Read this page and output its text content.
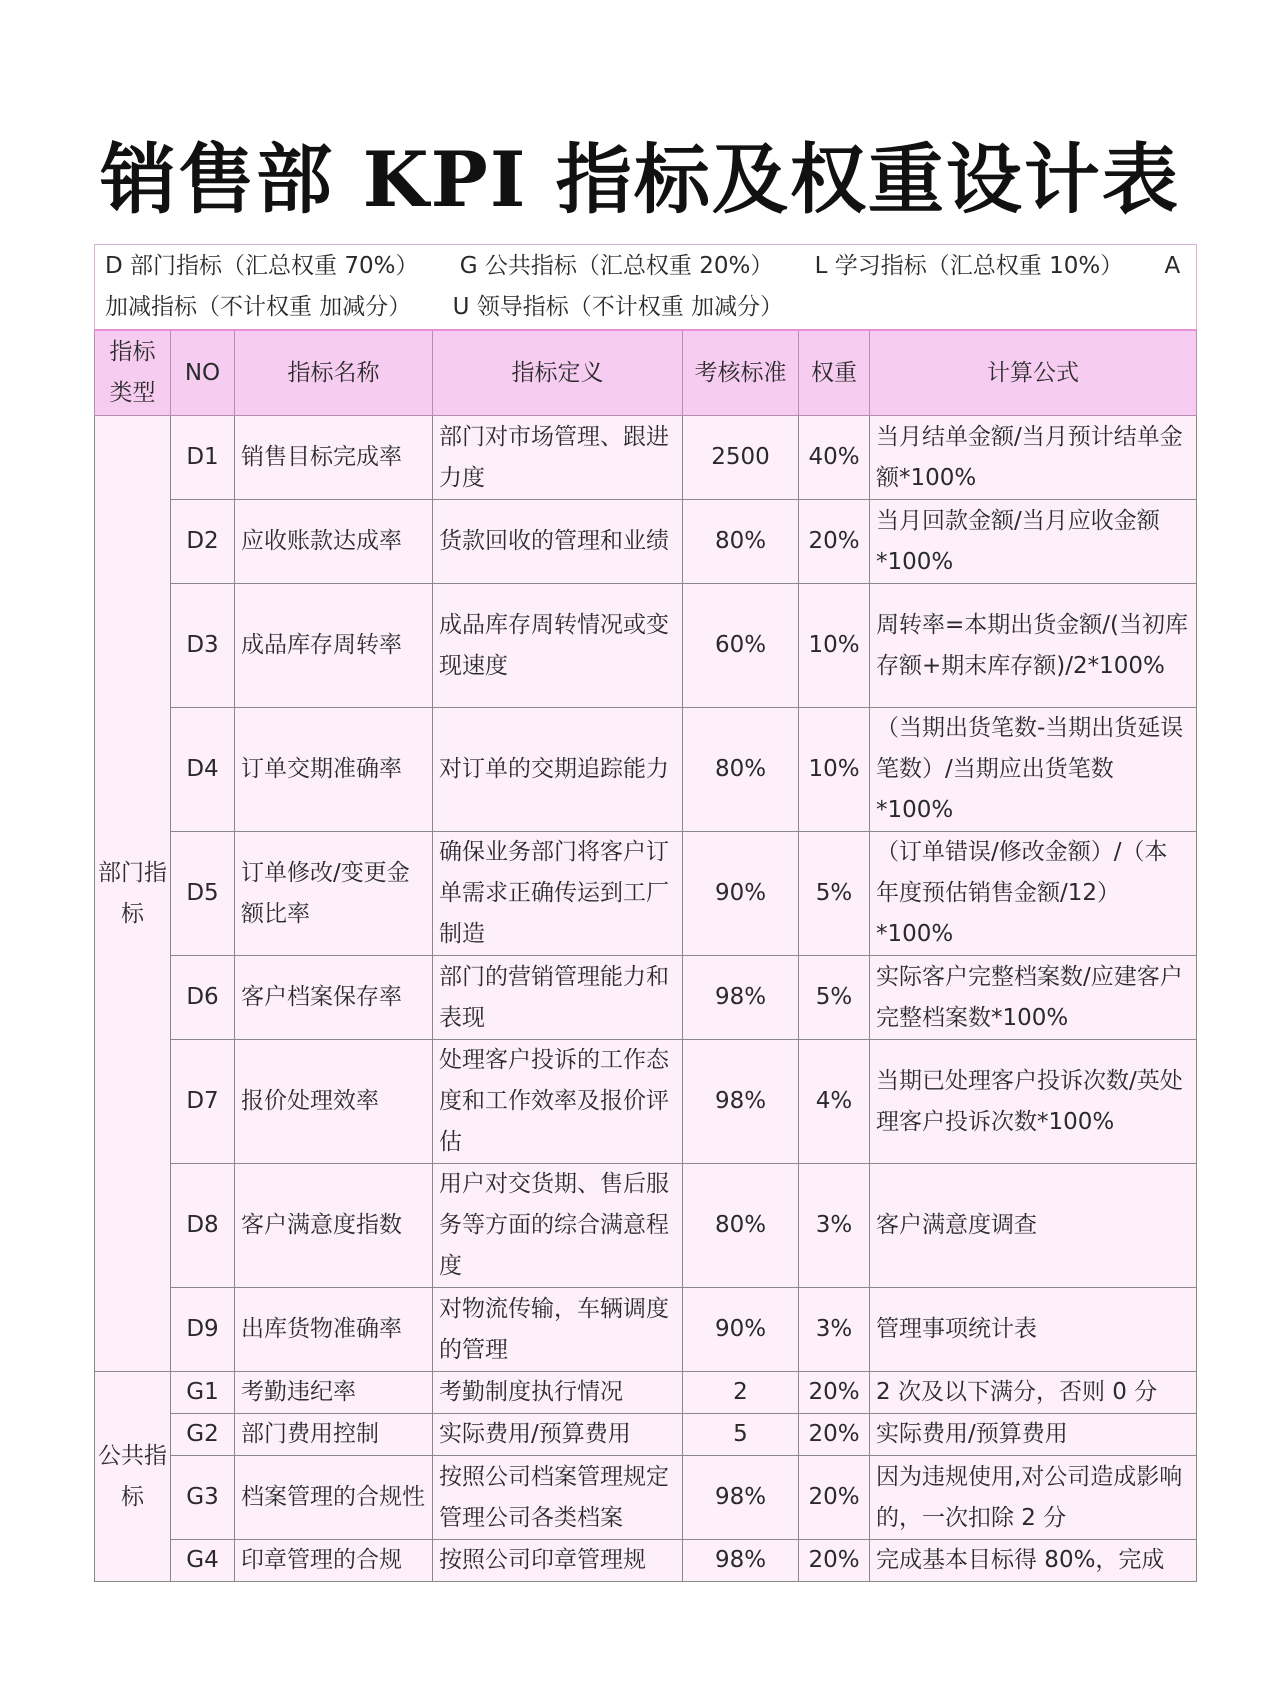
销售部 KPI 指标及权重设计表
D 部门指标（汇总权重 70%） G 公共指标（汇总权重 20%） L 学习指标（汇总权重 10%） A 加减指标（不计权重 加减分） U 领导指标（不计权重 加减分）						
指标类型	NO	指标名称	指标定义	考核标准	权重	计算公式
部门指标	D1	销售目标完成率	部门对市场管理、跟进力度	2500	40%	当月结单金额/当月预计结单金额*100%
	D2	应收账款达成率	货款回收的管理和业绩	80%	20%	当月回款金额/当月应收金额*100%
	D3	成品库存周转率	成品库存周转情况或变现速度	60%	10%	周转率=本期出货金额/(当初库存额+期末库存额)/2*100%
	D4	订单交期准确率	对订单的交期追踪能力	80%	10%	（当期出货笔数-当期出货延误笔数）/当期应出货笔数*100%
	D5	订单修改/变更金额比率	确保业务部门将客户订单需求正确传运到工厂制造	90%	5%	（订单错误/修改金额）/（本年度预估销售金额/12）*100%
	D6	客户档案保存率	部门的营销管理能力和表现	98%	5%	实际客户完整档案数/应建客户完整档案数*100%
	D7	报价处理效率	处理客户投诉的工作态度和工作效率及报价评估	98%	4%	当期已处理客户投诉次数/英处理客户投诉次数*100%
	D8	客户满意度指数	用户对交货期、售后服务等方面的综合满意程度	80%	3%	客户满意度调查
	D9	出库货物准确率	对物流传输，车辆调度的管理	90%	3%	管理事项统计表
公共指标	G1	考勤违纪率	考勤制度执行情况	2	20%	2 次及以下满分，否则 0 分
	G2	部门费用控制	实际费用/预算费用	5	20%	实际费用/预算费用
	G3	档案管理的合规性	按照公司档案管理规定管理公司各类档案	98%	20%	因为违规使用,对公司造成影响的，一次扣除 2 分
	G4	印章管理的合规	按照公司印章管理规	98%	20%	完成基本目标得 80%，完成
